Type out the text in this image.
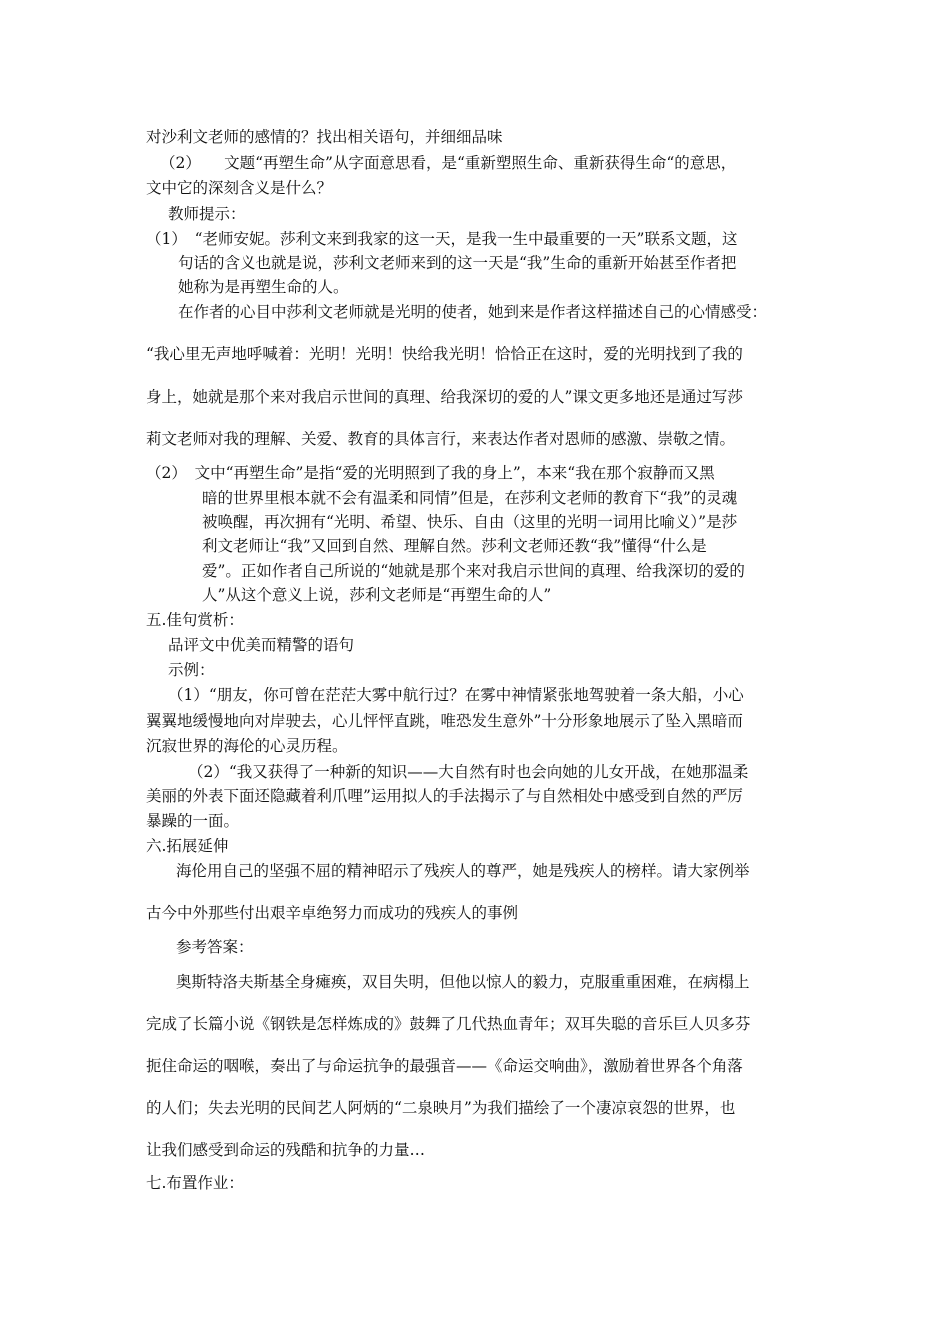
对沙利文老师的感情的？找出相关语句，并细细品味
（2）　　文题“再塑生命”从字面意思看，是“重新塑照生命、重新获得生命“的意思，
文中它的深刻含义是什么？
教师提示：
（1）　“老师安妮。莎利文来到我家的这一天，是我一生中最重要的一天”联系文题，这
句话的含义也就是说，莎利文老师来到的这一天是“我”生命的重新开始甚至作者把
她称为是再塑生命的人。
在作者的心目中莎利文老师就是光明的使者，她到来是作者这样描述自己的心情感受：
“我心里无声地呼喊着：光明！光明！快给我光明！恰恰正在这时，爱的光明找到了我的
身上，她就是那个来对我启示世间的真理、给我深切的爱的人”课文更多地还是通过写莎
莉文老师对我的理解、关爱、教育的具体言行，来表达作者对恩师的感激、崇敬之情。
（2）　文中“再塑生命”是指“爱的光明照到了我的身上”，本来“我在那个寂静而又黑
暗的世界里根本就不会有温柔和同情”但是，在莎利文老师的教育下“我”的灵魂
被唤醒，再次拥有“光明、希望、快乐、自由（这里的光明一词用比喻义）”是莎
利文老师让“我”又回到自然、理解自然。莎利文老师还教“我”懂得“什么是
爱”。正如作者自己所说的“她就是那个来对我启示世间的真理、给我深切的爱的
人”从这个意义上说，莎利文老师是“再塑生命的人”
五.佳句赏析：
品评文中优美而精警的语句
示例：
（1）“朋友，你可曾在茫茫大雾中航行过？在雾中神情紧张地驾驶着一条大船，小心
翼翼地缓慢地向对岸驶去，心儿怦怦直跳，唯恐发生意外”十分形象地展示了坠入黑暗而
沉寂世界的海伦的心灵历程。
（2）“我又获得了一种新的知识——大自然有时也会向她的儿女开战，在她那温柔
美丽的外表下面还隐藏着利爪哩”运用拟人的手法揭示了与自然相处中感受到自然的严厉
暴躁的一面。
六.拓展延伸
海伦用自己的坚强不屈的精神昭示了残疾人的尊严，她是残疾人的榜样。请大家例举
古今中外那些付出艰辛卓绝努力而成功的残疾人的事例
参考答案：
奥斯特洛夫斯基全身瘫痪，双目失明，但他以惊人的毅力，克服重重困难，在病榻上
完成了长篇小说《钢铁是怎样炼成的》鼓舞了几代热血青年；双耳失聪的音乐巨人贝多芬
扼住命运的咽喉，奏出了与命运抗争的最强音——《命运交响曲》，激励着世界各个角落
的人们；失去光明的民间艺人阿炳的“二泉映月”为我们描绘了一个凄凉哀怨的世界，也
让我们感受到命运的残酷和抗争的力量…
七.布置作业：
